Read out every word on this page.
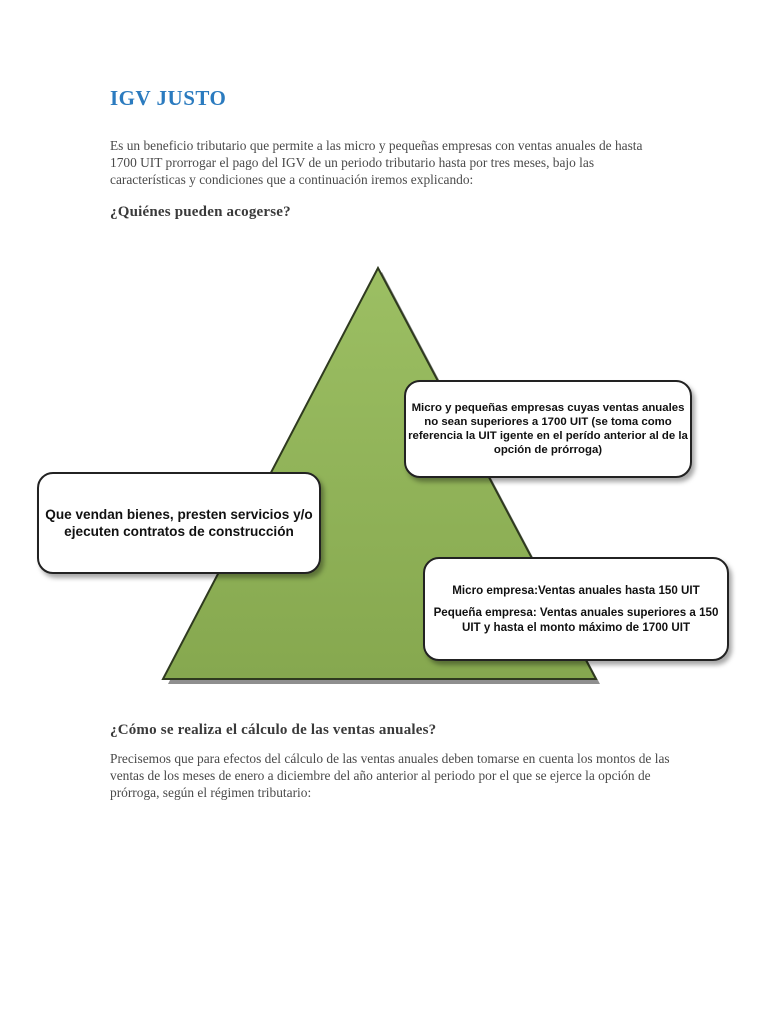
IGV JUSTO
Es un beneficio tributario que permite a las micro y pequeñas empresas con ventas anuales de hasta 1700 UIT prorrogar el pago del IGV de un periodo tributario hasta por tres meses, bajo las características y condiciones que a continuación iremos explicando:
¿Quiénes pueden acogerse?
Micro y pequeñas empresas cuyas ventas anuales no sean superiores a 1700 UIT (se toma como referencia la UIT igente en el perído anterior al de la opción de prórroga)
Que vendan bienes, presten servicios y/o ejecuten contratos de construcción
Micro empresa:Ventas anuales hasta 150 UIT
Pequeña empresa: Ventas anuales superiores a 150 UIT y hasta el monto máximo de 1700 UIT
¿Cómo se realiza el cálculo de las ventas anuales?
Precisemos que para efectos del cálculo de las ventas anuales deben tomarse en cuenta los montos de las ventas de los meses de enero a diciembre del año anterior al periodo por el que se ejerce la opción de prórroga, según el régimen tributario:
